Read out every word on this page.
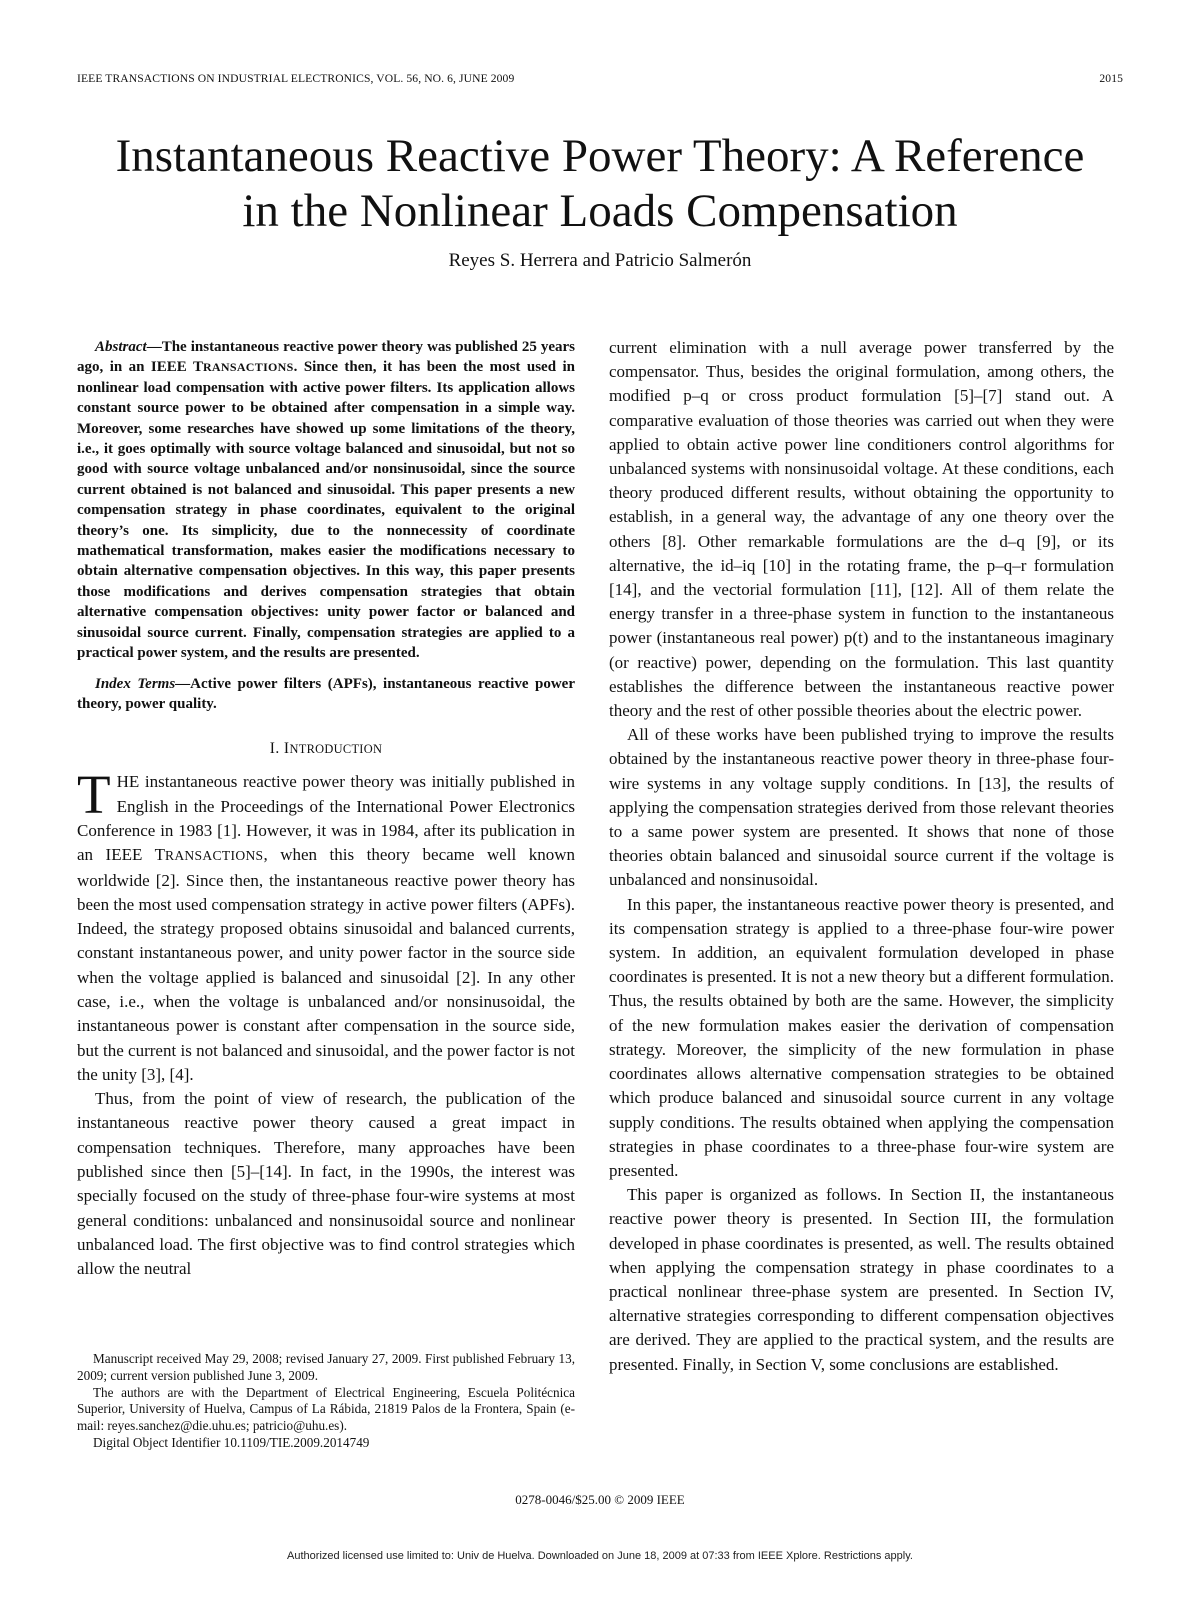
IEEE TRANSACTIONS ON INDUSTRIAL ELECTRONICS, VOL. 56, NO. 6, JUNE 2009	2015
Instantaneous Reactive Power Theory: A Reference
in the Nonlinear Loads Compensation
Reyes S. Herrera and Patricio Salmerón

Abstract—The instantaneous reactive power theory was published 25 years ago, in an IEEE TRANSACTIONS. Since then, it has been the most used in nonlinear load compensation with active power filters. Its application allows constant source power to be obtained after compensation in a simple way. Moreover, some researches have showed up some limitations of the theory, i.e., it goes optimally with source voltage balanced and sinusoidal, but not so good with source voltage unbalanced and/or nonsinusoidal, since the source current obtained is not balanced and sinusoidal. This paper presents a new compensation strategy in phase coordinates, equivalent to the original theory’s one. Its simplicity, due to the nonnecessity of coordinate mathematical transformation, makes easier the modifications necessary to obtain alternative compensation objectives. In this way, this paper presents those modifications and derives compensation strategies that obtain alternative compensation objectives: unity power factor or balanced and sinusoidal source current. Finally, compensation strategies are applied to a practical power system, and the results are presented.

Index Terms—Active power filters (APFs), instantaneous reactive power theory, power quality.

I. INTRODUCTION

THE instantaneous reactive power theory was initially published in English in the Proceedings of the International Power Electronics Conference in 1983 [1]. However, it was in 1984, after its publication in an IEEE TRANSACTIONS, when this theory became well known worldwide [2]. Since then, the instantaneous reactive power theory has been the most used compensation strategy in active power filters (APFs). Indeed, the strategy proposed obtains sinusoidal and balanced currents, constant instantaneous power, and unity power factor in the source side when the voltage applied is balanced and sinusoidal [2]. In any other case, i.e., when the voltage is unbalanced and/or nonsinusoidal, the instantaneous power is constant after compensation in the source side, but the current is not balanced and sinusoidal, and the power factor is not the unity [3], [4].

Thus, from the point of view of research, the publication of the instantaneous reactive power theory caused a great impact in compensation techniques. Therefore, many approaches have been published since then [5]–[14]. In fact, in the 1990s, the interest was specially focused on the study of three-phase four-wire systems at most general conditions: unbalanced and nonsinusoidal source and nonlinear unbalanced load. The first objective was to find control strategies which allow the neutral

Manuscript received May 29, 2008; revised January 27, 2009. First published February 13, 2009; current version published June 3, 2009.

The authors are with the Department of Electrical Engineering, Escuela Politécnica Superior, University of Huelva, Campus of La Rábida, 21819 Palos de la Frontera, Spain (e-mail: reyes.sanchez@die.uhu.es; patricio@uhu.es).

Digital Object Identifier 10.1109/TIE.2009.2014749

current elimination with a null average power transferred by the compensator. Thus, besides the original formulation, among others, the modified p–q or cross product formulation [5]–[7] stand out. A comparative evaluation of those theories was carried out when they were applied to obtain active power line conditioners control algorithms for unbalanced systems with nonsinusoidal voltage. At these conditions, each theory produced different results, without obtaining the opportunity to establish, in a general way, the advantage of any one theory over the others [8]. Other remarkable formulations are the d–q [9], or its alternative, the id–iq [10] in the rotating frame, the p–q–r formulation [14], and the vectorial formulation [11], [12]. All of them relate the energy transfer in a three-phase system in function to the instantaneous power (instantaneous real power) p(t) and to the instantaneous imaginary (or reactive) power, depending on the formulation. This last quantity establishes the difference between the instantaneous reactive power theory and the rest of other possible theories about the electric power.

All of these works have been published trying to improve the results obtained by the instantaneous reactive power theory in three-phase four-wire systems in any voltage supply conditions. In [13], the results of applying the compensation strategies derived from those relevant theories to a same power system are presented. It shows that none of those theories obtain balanced and sinusoidal source current if the voltage is unbalanced and nonsinusoidal.

In this paper, the instantaneous reactive power theory is presented, and its compensation strategy is applied to a three-phase four-wire power system. In addition, an equivalent formulation developed in phase coordinates is presented. It is not a new theory but a different formulation. Thus, the results obtained by both are the same. However, the simplicity of the new formulation makes easier the derivation of compensation strategy. Moreover, the simplicity of the new formulation in phase coordinates allows alternative compensation strategies to be obtained which produce balanced and sinusoidal source current in any voltage supply conditions. The results obtained when applying the compensation strategies in phase coordinates to a three-phase four-wire system are presented.

This paper is organized as follows. In Section II, the instantaneous reactive power theory is presented. In Section III, the formulation developed in phase coordinates is presented, as well. The results obtained when applying the compensation strategy in phase coordinates to a practical nonlinear three-phase system are presented. In Section IV, alternative strategies corresponding to different compensation objectives are derived. They are applied to the practical system, and the results are presented. Finally, in Section V, some conclusions are established.

0278-0046/$25.00 © 2009 IEEE
Authorized licensed use limited to: Univ de Huelva. Downloaded on June 18, 2009 at 07:33 from IEEE Xplore. Restrictions apply.
